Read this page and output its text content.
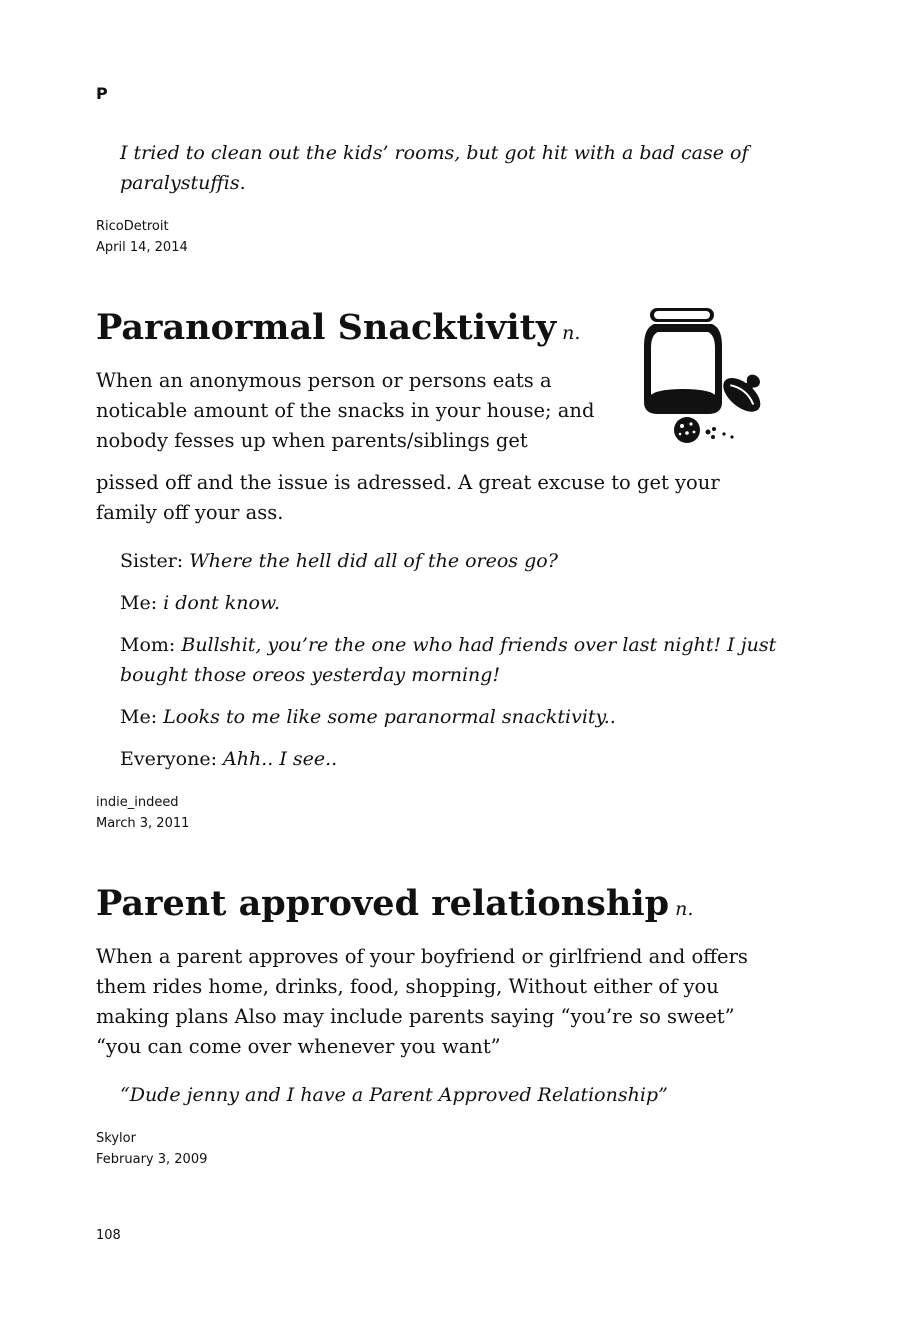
P

I tried to clean out the kids’ rooms, but got hit with a bad case of paralystuffis.

RicoDetroit
April 14, 2014
Paranormal Snacktivity n.
When an anonymous person or persons eats a
noticable amount of the snacks in your house; and
nobody fesses up when parents/siblings get

pissed off and the issue is adressed. A great excuse to get your family off your ass.

Sister: Where the hell did all of the oreos go?

Me: i dont know.

Mom: Bullshit, you’re the one who had friends over last night! I just bought those oreos yesterday morning!

Me: Looks to me like some paranormal snacktivity..

Everyone: Ahh.. I see..

indie_indeed
March 3, 2011
Parent approved relationship n.

When a parent approves of your boyfriend or girlfriend and offers them rides home, drinks, food, shopping, Without either of you making plans Also may include parents saying “you’re so sweet” “you can come over whenever you want”

“Dude jenny and I have a Parent Approved Relationship”

Skylor
February 3, 2009
108
